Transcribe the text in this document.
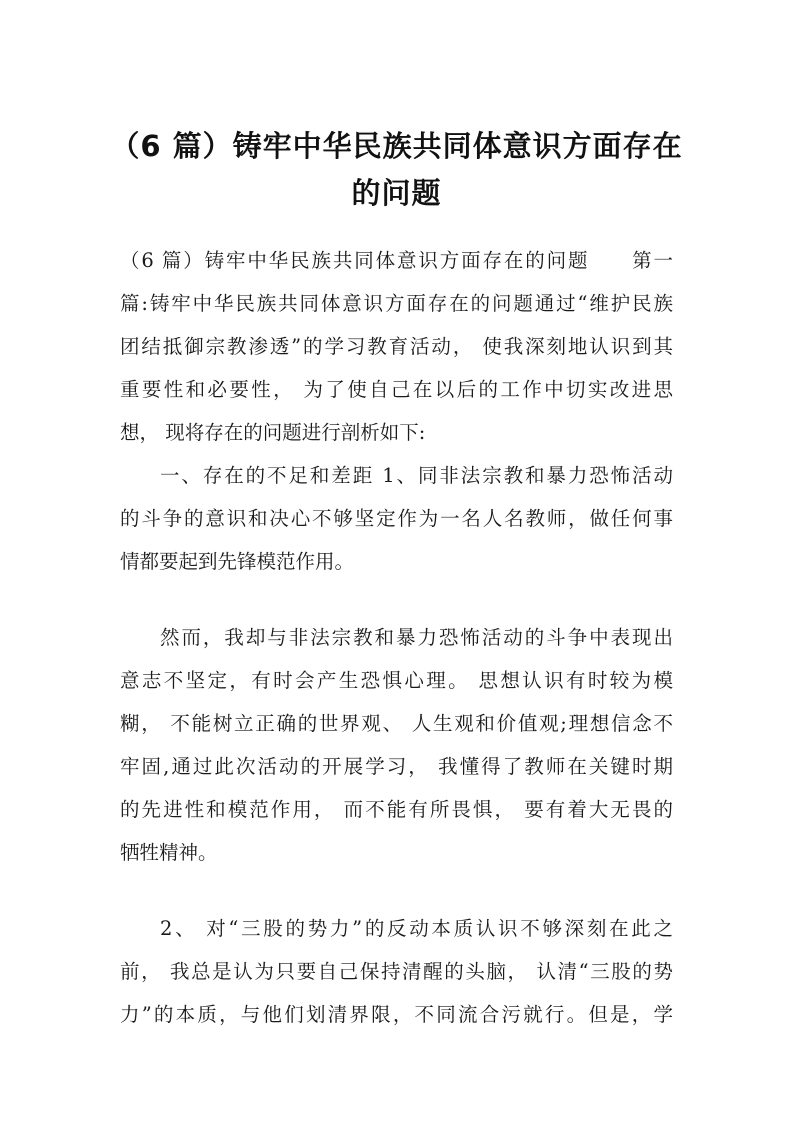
（6 篇）铸牢中华民族共同体意识方面存在
的问题
（6 篇）铸牢中华民族共同体意识方面存在的问题　　第一
篇:铸牢中华民族共同体意识方面存在的问题通过“维护民族
团结抵御宗教渗透”的学习教育活动， 使我深刻地认识到其
重要性和必要性， 为了使自己在以后的工作中切实改进思
想， 现将存在的问题进行剖析如下:
一、存在的不足和差距 1、同非法宗教和暴力恐怖活动
的斗争的意识和决心不够坚定作为一名人名教师，做任何事
情都要起到先锋模范作用。
然而，我却与非法宗教和暴力恐怖活动的斗争中表现出
意志不坚定，有时会产生恐惧心理。 思想认识有时较为模
糊， 不能树立正确的世界观、 人生观和价值观;理想信念不
牢固,通过此次活动的开展学习， 我懂得了教师在关键时期
的先进性和模范作用， 而不能有所畏惧， 要有着大无畏的
牺牲精神。
2、 对“三股的势力”的反动本质认识不够深刻在此之
前， 我总是认为只要自己保持清醒的头脑， 认清“三股的势
力”的本质，与他们划清界限，不同流合污就行。但是，学
